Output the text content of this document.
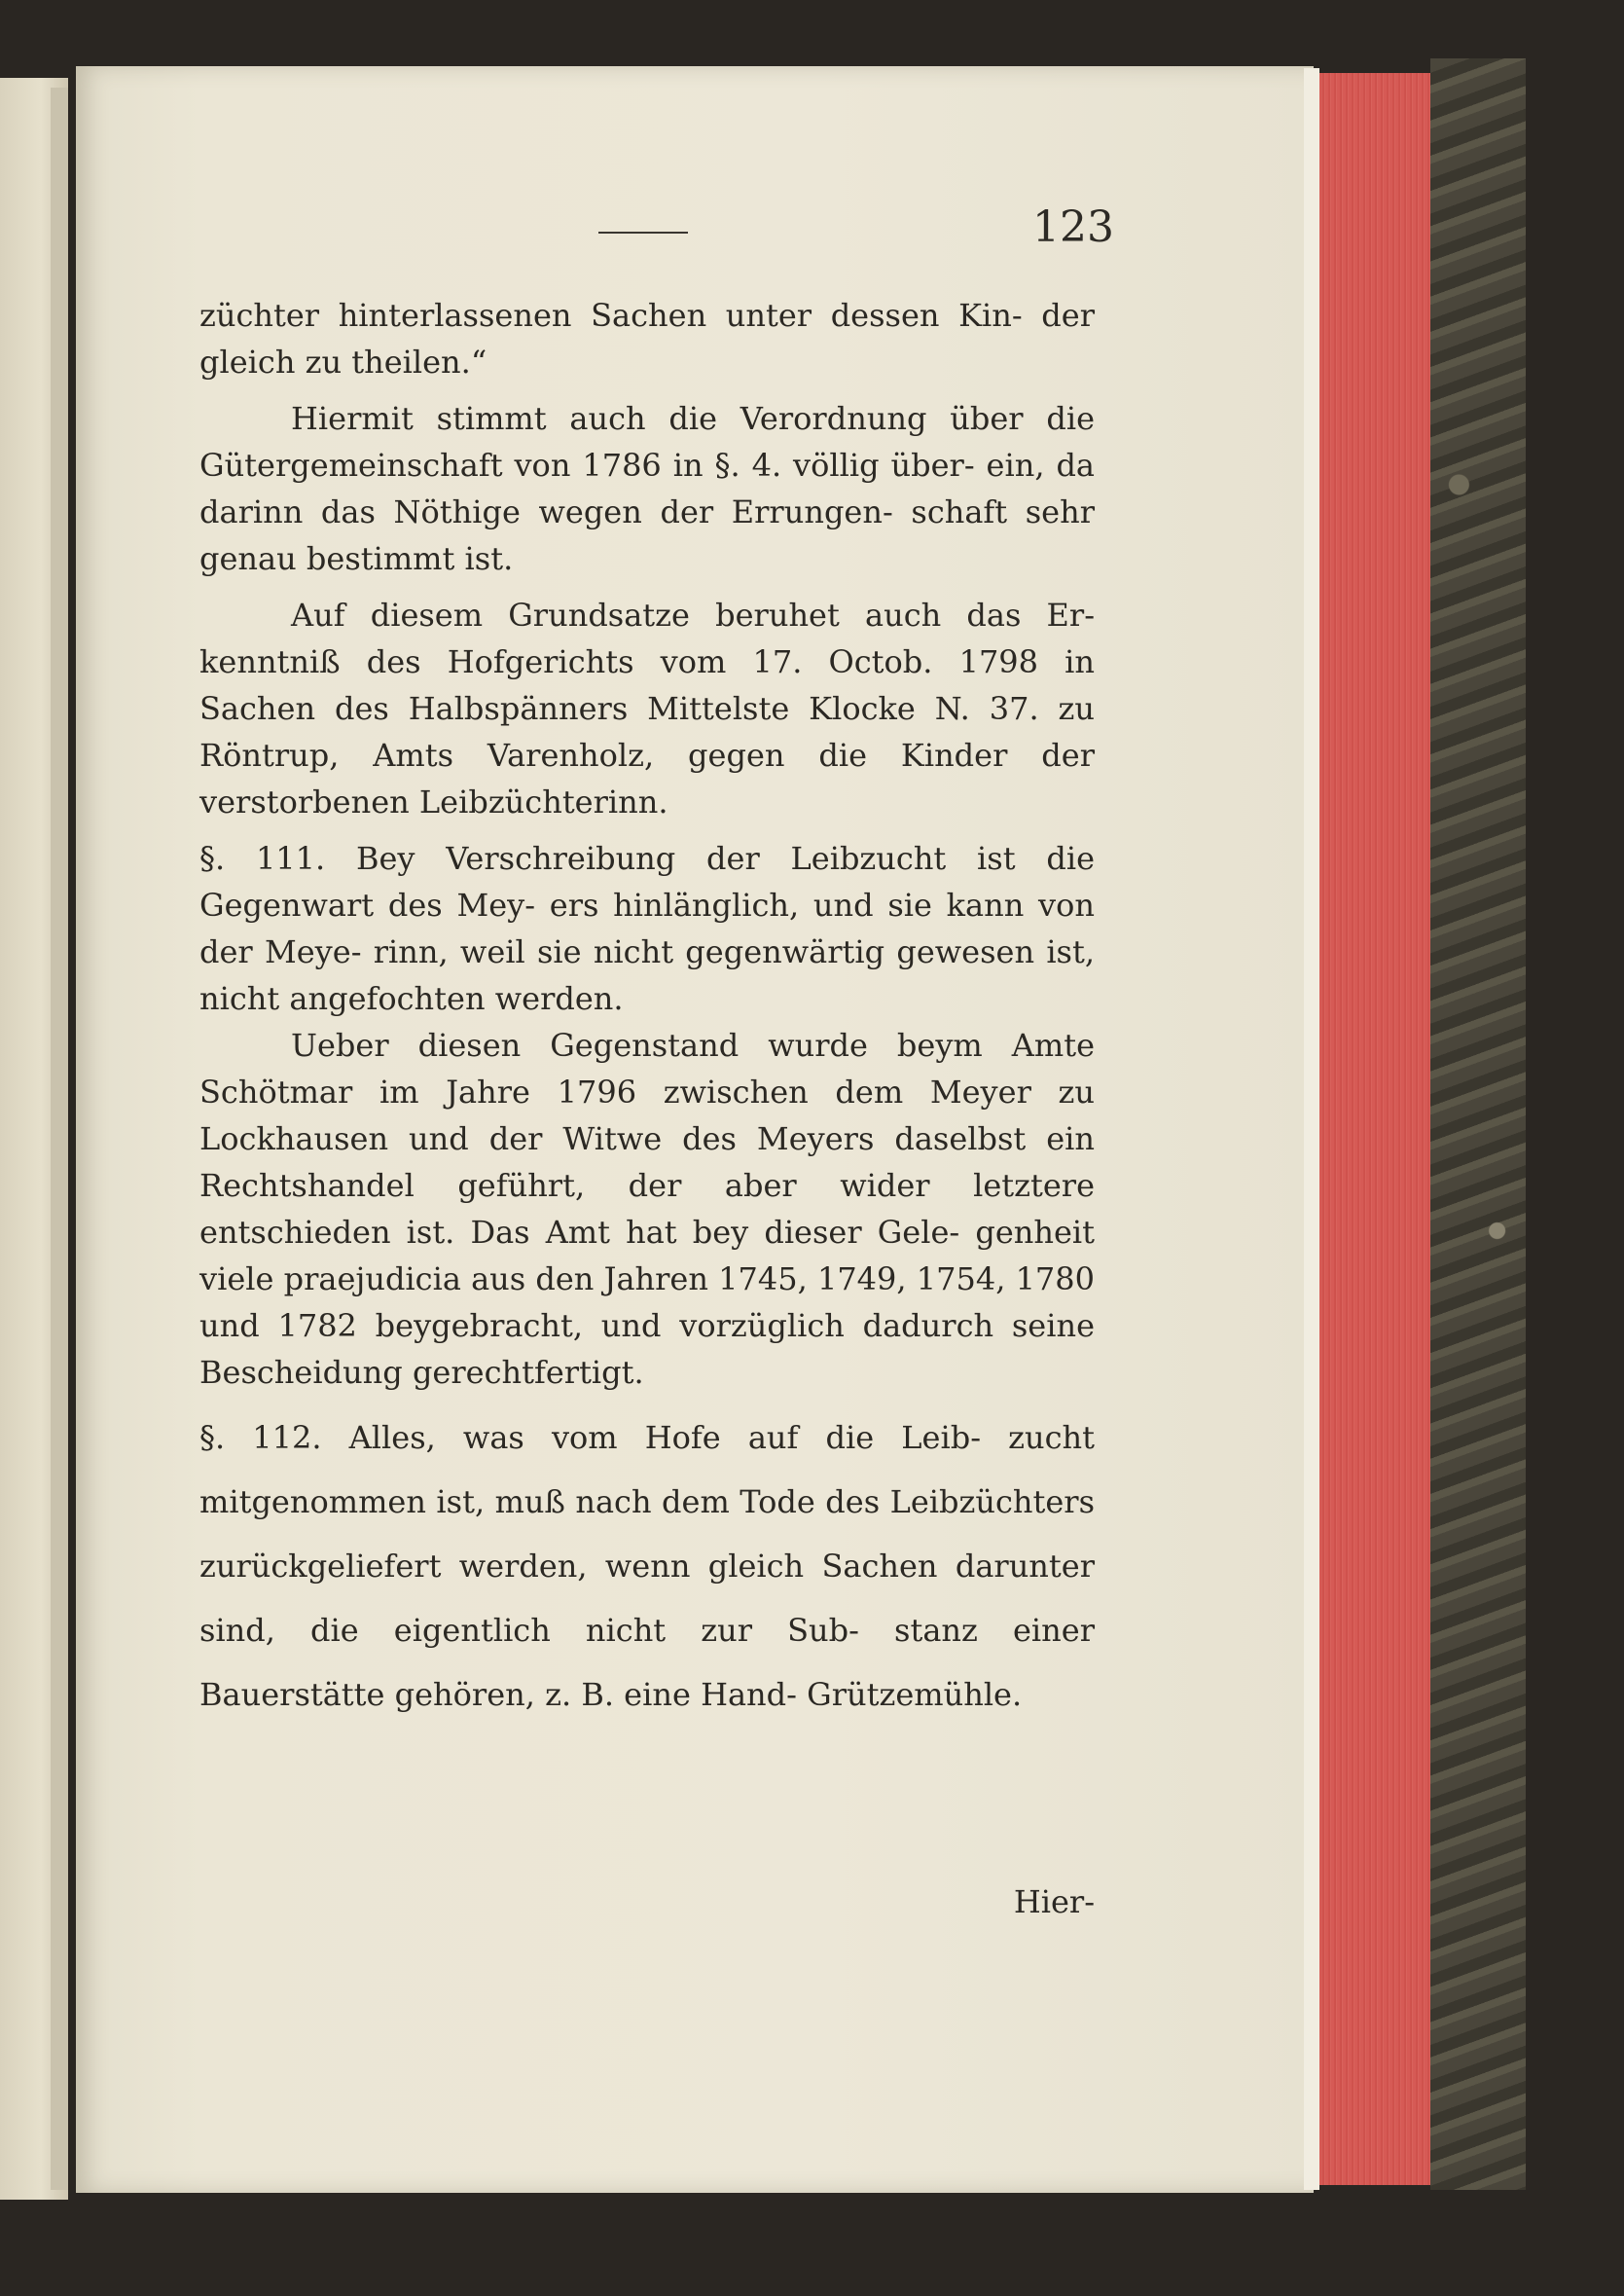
123

züchter hinterlassenen Sachen unter dessen Kin- der gleich zu theilen.“

Hiermit stimmt auch die Verordnung über die Gütergemeinschaft von 1786 in §. 4. völlig über- ein, da darinn das Nöthige wegen der Errungen- schaft sehr genau bestimmt ist.

Auf diesem Grundsatze beruhet auch das Er- kenntniß des Hofgerichts vom 17. Octob. 1798 in Sachen des Halbspänners Mittelste Klocke N. 37. zu Röntrup, Amts Varenholz, gegen die Kinder der verstorbenen Leibzüchterinn.

§. 111. Bey Verschreibung der Leibzucht ist die Gegenwart des Mey- ers hinlänglich, und sie kann von der Meye- rinn, weil sie nicht gegenwärtig gewesen ist, nicht angefochten werden.

Ueber diesen Gegenstand wurde beym Amte Schötmar im Jahre 1796 zwischen dem Meyer zu Lockhausen und der Witwe des Meyers daselbst ein Rechtshandel geführt, der aber wider letztere entschieden ist. Das Amt hat bey dieser Gele- genheit viele praejudicia aus den Jahren 1745, 1749, 1754, 1780 und 1782 beygebracht, und vorzüglich dadurch seine Bescheidung gerechtfertigt.

§. 112. Alles, was vom Hofe auf die Leib- zucht mitgenommen ist, muß nach dem Tode des Leibzüchters zurückgeliefert werden, wenn gleich Sachen darunter sind, die eigentlich nicht zur Sub- stanz einer Bauerstätte gehören, z. B. eine Hand- Grützemühle.

Hier-
